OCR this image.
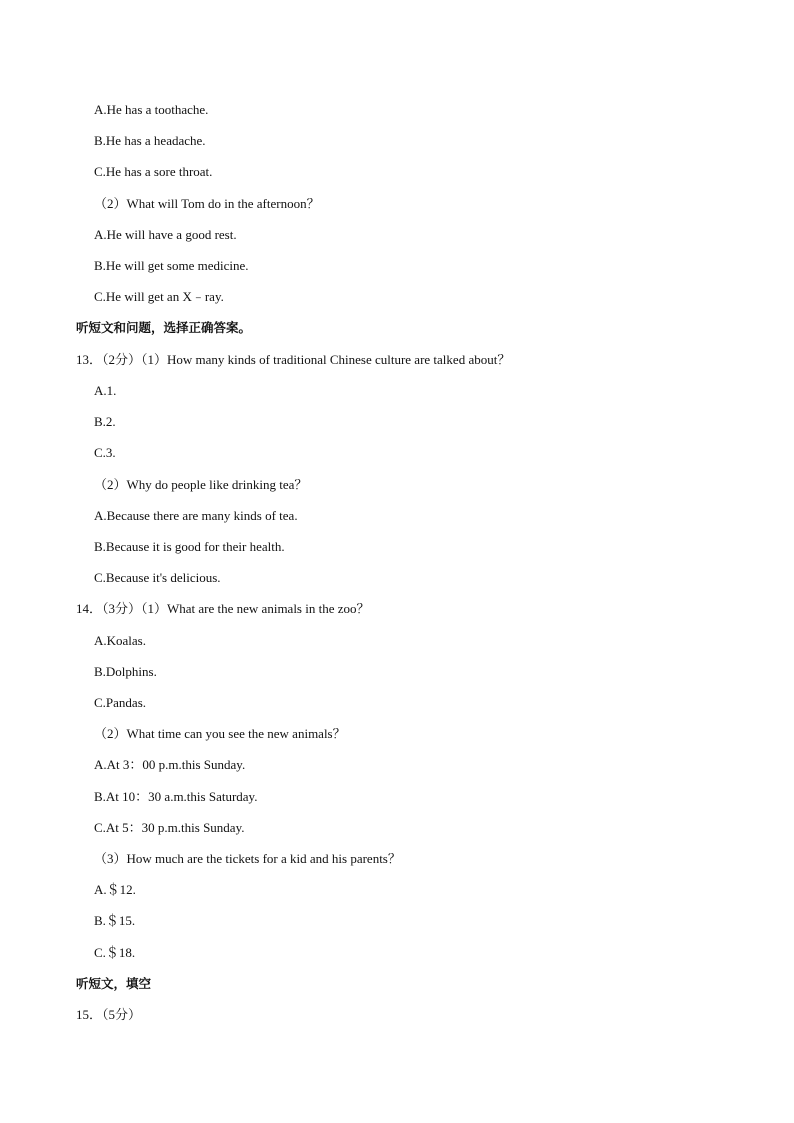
A.He has a toothache.
B.He has a headache.
C.He has a sore throat.
（2）What will Tom do in the afternoon？
A.He will have a good rest.
B.He will get some medicine.
C.He will get an X﹣ray.
听短文和问题，选择正确答案。
13．（2分）（1）How many kinds of traditional Chinese culture are talked about？
A.1.
B.2.
C.3.
（2）Why do people like drinking tea？
A.Because there are many kinds of tea.
B.Because it is good for their health.
C.Because it's delicious.
14．（3分）（1）What are the new animals in the zoo？
A.Koalas.
B.Dolphins.
C.Pandas.
（2）What time can you see the new animals？
A.At 3：00 p.m.this Sunday.
B.At 10：30 a.m.this Saturday.
C.At 5：30 p.m.this Sunday.
（3）How much are the tickets for a kid and his parents？
A.＄12.
B.＄15.
C.＄18.
听短文，填空
15．（5分）
